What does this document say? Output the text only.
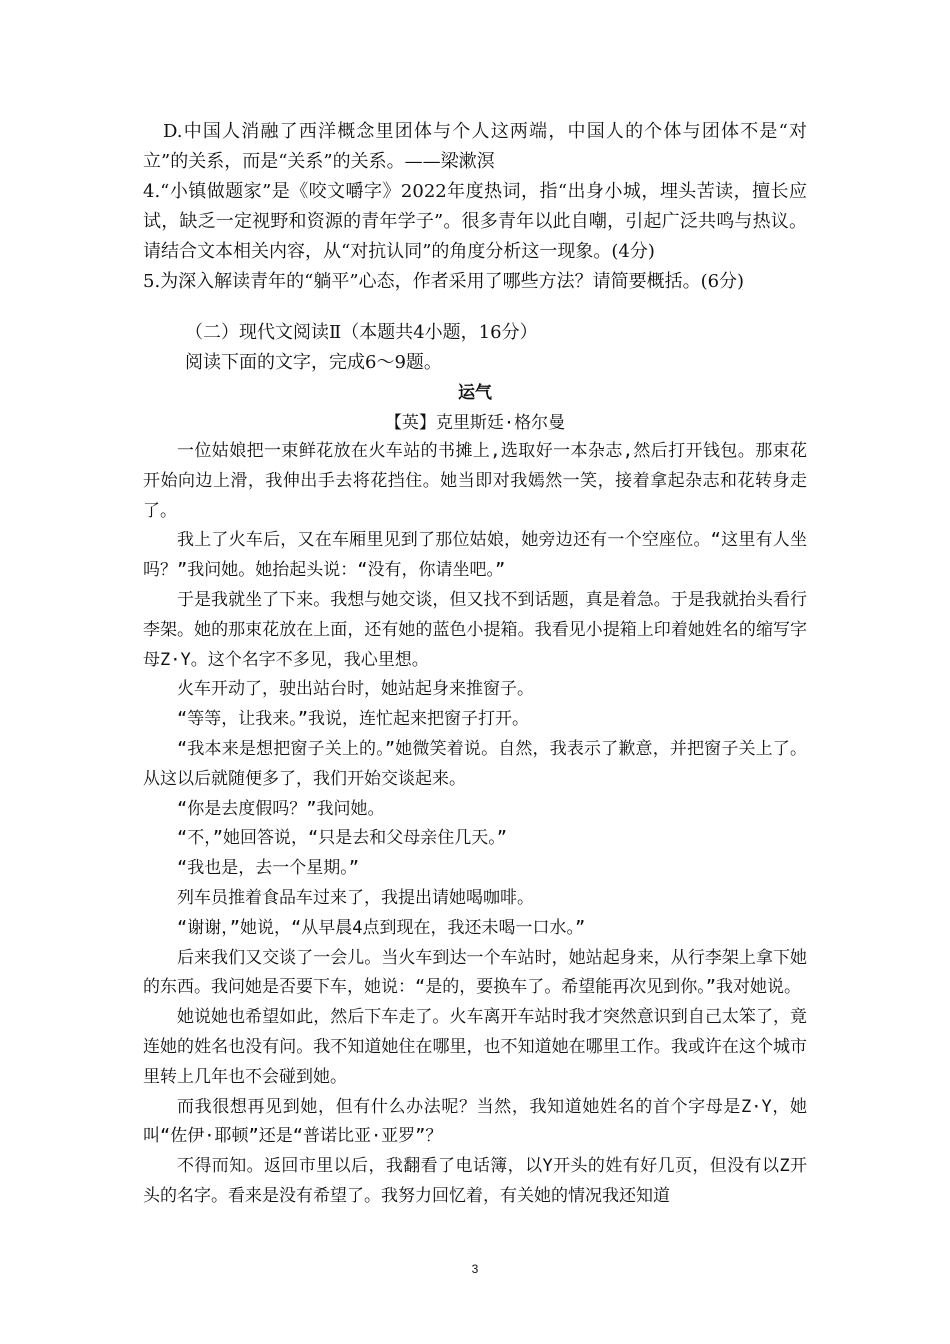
D.中国人消融了西洋概念里团体与个人这两端，中国人的个体与团体不是“对立”的关系，而是“关系”的关系。——梁漱溟

4.“小镇做题家”是《咬文嚼字》2022年度热词，指“出身小城，埋头苦读，擅长应试，缺乏一定视野和资源的青年学子”。很多青年以此自嘲，引起广泛共鸣与热议。请结合文本相关内容，从“对抗认同”的角度分析这一现象。(4分)

5.为深入解读青年的“躺平”心态，作者采用了哪些方法？请简要概括。(6分)

（二）现代文阅读Ⅱ（本题共4小题，16分）

阅读下面的文字，完成6～9题。

运气
【英】克里斯廷·格尔曼

一位姑娘把一束鲜花放在火车站的书摊上,选取好一本杂志,然后打开钱包。那束花开始向边上滑，我伸出手去将花挡住。她当即对我嫣然一笑，接着拿起杂志和花转身走了。

我上了火车后，又在车厢里见到了那位姑娘，她旁边还有一个空座位。“这里有人坐吗？”我问她。她抬起头说：“没有，你请坐吧。”

于是我就坐了下来。我想与她交谈，但又找不到话题，真是着急。于是我就抬头看行李架。她的那束花放在上面，还有她的蓝色小提箱。我看见小提箱上印着她姓名的缩写字母Z·Y。这个名字不多见，我心里想。

火车开动了，驶出站台时，她站起身来推窗子。

“等等，让我来。”我说，连忙起来把窗子打开。

“我本来是想把窗子关上的。”她微笑着说。自然，我表示了歉意，并把窗子关上了。从这以后就随便多了，我们开始交谈起来。

“你是去度假吗？”我问她。

“不，”她回答说，“只是去和父母亲住几天。”

“我也是，去一个星期。”

列车员推着食品车过来了，我提出请她喝咖啡。

“谢谢，”她说，“从早晨4点到现在，我还未喝一口水。”

后来我们又交谈了一会儿。当火车到达一个车站时，她站起身来，从行李架上拿下她的东西。我问她是否要下车，她说：“是的，要换车了。希望能再次见到你。”我对她说。

她说她也希望如此，然后下车走了。火车离开车站时我才突然意识到自己太笨了，竟连她的姓名也没有问。我不知道她住在哪里，也不知道她在哪里工作。我或许在这个城市里转上几年也不会碰到她。

而我很想再见到她，但有什么办法呢？当然，我知道她姓名的首个字母是Z·Y，她叫“佐伊·耶顿”还是“普诺比亚·亚罗”？

不得而知。返回市里以后，我翻看了电话簿，以Y开头的姓有好几页，但没有以Z开头的名字。看来是没有希望了。我努力回忆着，有关她的情况我还知道

3
